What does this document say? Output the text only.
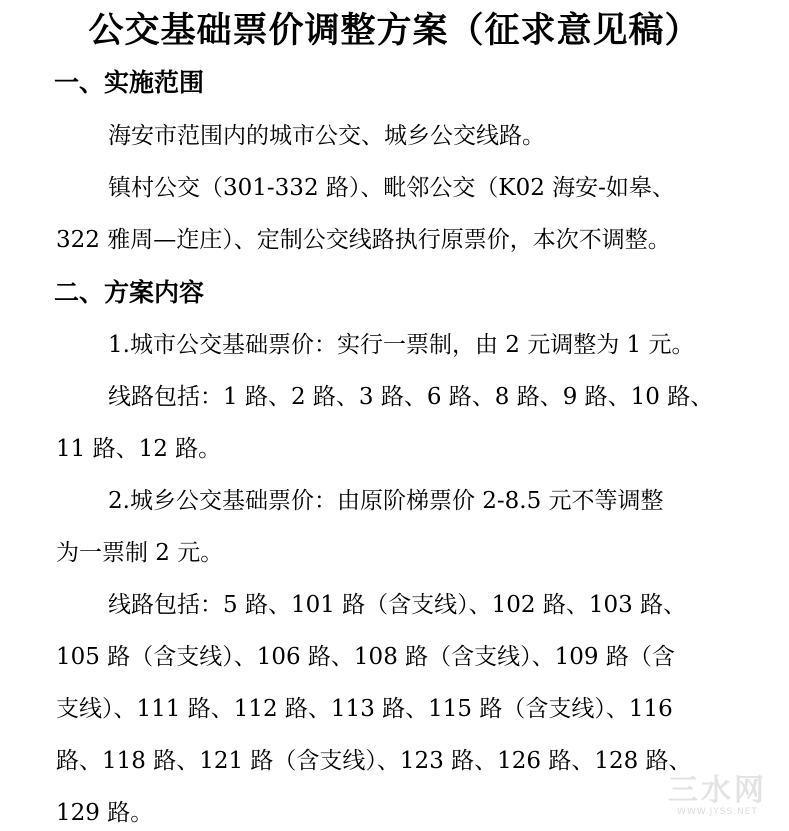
公交基础票价调整方案（征求意见稿）
一、实施范围
海安市范围内的城市公交、城乡公交线路。
镇村公交（301-332 路）、毗邻公交（K02 海安-如皋、
322 雅周—迮庄）、定制公交线路执行原票价，本次不调整。
二、方案内容
1.城市公交基础票价：实行一票制，由 2 元调整为 1 元。
线路包括：1 路、2 路、3 路、6 路、8 路、9 路、10 路、
11 路、12 路。
2.城乡公交基础票价：由原阶梯票价 2-8.5 元不等调整
为一票制 2 元。
线路包括：5 路、101 路（含支线）、102 路、103 路、
105 路（含支线）、106 路、108 路（含支线）、109 路（含
支线）、111 路、112 路、113 路、115 路（含支线）、116
路、118 路、121 路（含支线）、123 路、126 路、128 路、
129 路。
三水网
WWW.JYSS.NET
